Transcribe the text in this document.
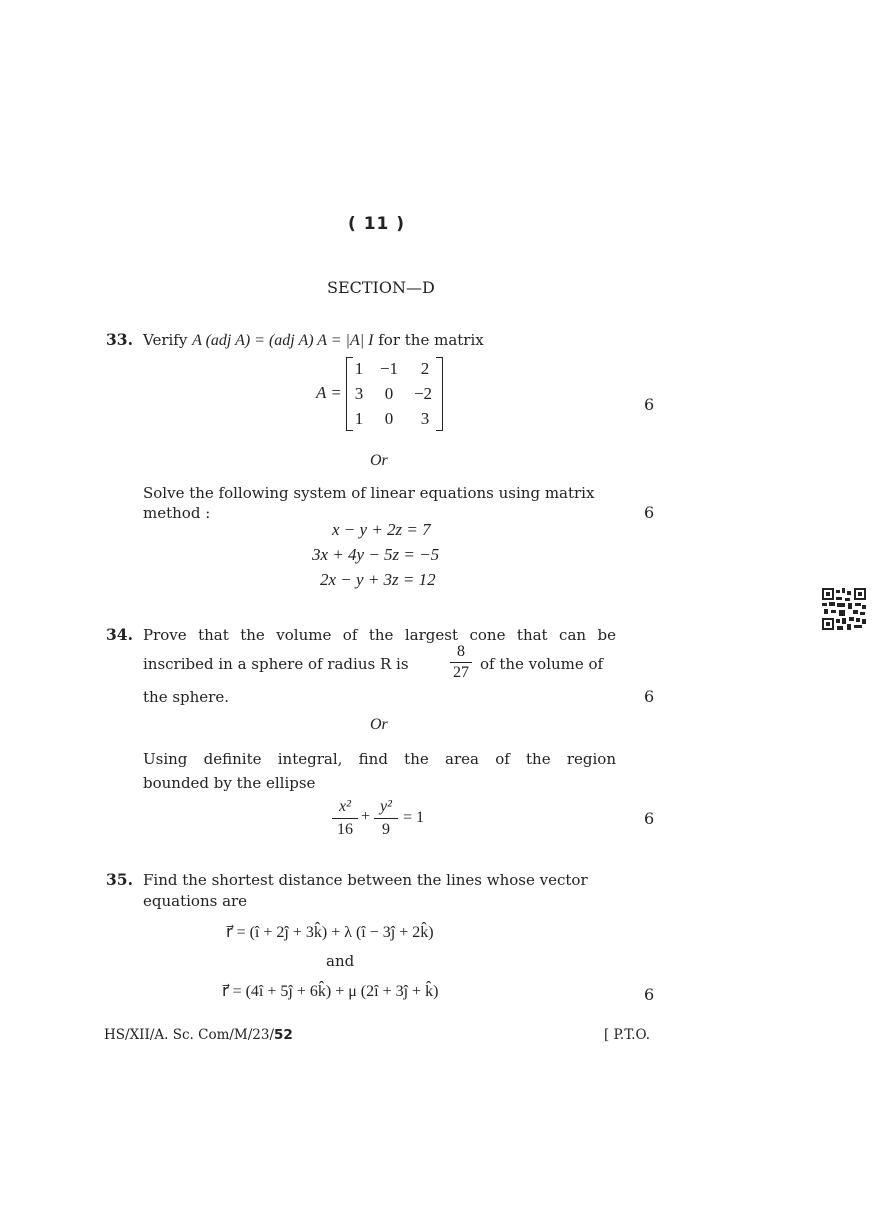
( 11 )
SECTION—D
33. Verify A (adj A) = (adj A) A = |A| I for the matrix
A =
1 −1	2
3	0	−2
1	0	3
6
Or
Solve the following system of linear equations using matrix
method :	6
x − y + 2z = 7
3x + 4y − 5z = −5
2x − y + 3z = 12
34. Prove that the volume of the largest cone that can be
inscribed in a sphere of radius R is	$\frac{8}{27}$ of the volume of
the sphere.	6
Or
Using definite integral, find the area of the region
bounded by the ellipse
$\frac{\text{x²}}{16} + \frac{\text{y²}}{9} = 1$	6
35. Find the shortest distance between the lines whose vector
equations are
r⃗ = (î + 2ĵ + 3k̂) + λ (î − 3ĵ + 2k̂)
and
r⃗ = (4î + 5ĵ + 6k̂) + μ (2î + 3ĵ + k̂)	6
HS/XII/A. Sc. Com/M/23/52	[ P.T.O.
